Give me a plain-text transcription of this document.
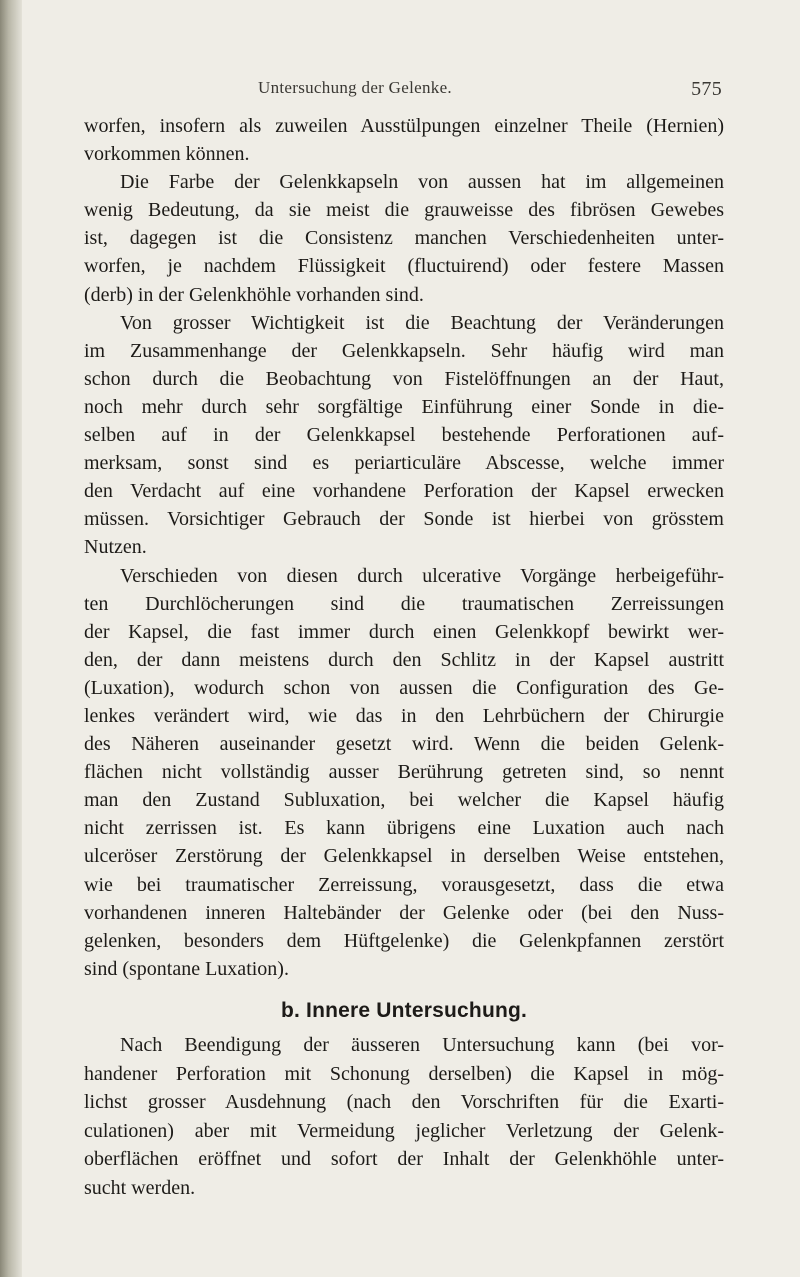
Untersuchung der Gelenke.	575
worfen, insofern als zuweilen Ausstülpungen einzelner Theile (Hernien)
vorkommen können.
Die Farbe der Gelenkkapseln von aussen hat im allgemeinen
wenig Bedeutung, da sie meist die grauweisse des fibrösen Gewebes
ist, dagegen ist die Consistenz manchen Verschiedenheiten unter-
worfen, je nachdem Flüssigkeit (fluctuirend) oder festere Massen
(derb) in der Gelenkhöhle vorhanden sind.
Von grosser Wichtigkeit ist die Beachtung der Veränderungen
im Zusammenhange der Gelenkkapseln. Sehr häufig wird man
schon durch die Beobachtung von Fistelöffnungen an der Haut,
noch mehr durch sehr sorgfältige Einführung einer Sonde in die-
selben auf in der Gelenkkapsel bestehende Perforationen auf-
merksam, sonst sind es periarticuläre Abscesse, welche immer
den Verdacht auf eine vorhandene Perforation der Kapsel erwecken
müssen. Vorsichtiger Gebrauch der Sonde ist hierbei von grösstem
Nutzen.
Verschieden von diesen durch ulcerative Vorgänge herbeigeführ-
ten Durchlöcherungen sind die traumatischen Zerreissungen
der Kapsel, die fast immer durch einen Gelenkkopf bewirkt wer-
den, der dann meistens durch den Schlitz in der Kapsel austritt
(Luxation), wodurch schon von aussen die Configuration des Ge-
lenkes verändert wird, wie das in den Lehrbüchern der Chirurgie
des Näheren auseinander gesetzt wird. Wenn die beiden Gelenk-
flächen nicht vollständig ausser Berührung getreten sind, so nennt
man den Zustand Subluxation, bei welcher die Kapsel häufig
nicht zerrissen ist. Es kann übrigens eine Luxation auch nach
ulceröser Zerstörung der Gelenkkapsel in derselben Weise entstehen,
wie bei traumatischer Zerreissung, vorausgesetzt, dass die etwa
vorhandenen inneren Haltebänder der Gelenke oder (bei den Nuss-
gelenken, besonders dem Hüftgelenke) die Gelenkpfannen zerstört
sind (spontane Luxation).
b. Innere Untersuchung.
Nach Beendigung der äusseren Untersuchung kann (bei vor-
handener Perforation mit Schonung derselben) die Kapsel in mög-
lichst grosser Ausdehnung (nach den Vorschriften für die Exarti-
culationen) aber mit Vermeidung jeglicher Verletzung der Gelenk-
oberflächen eröffnet und sofort der Inhalt der Gelenkhöhle unter-
sucht werden.
